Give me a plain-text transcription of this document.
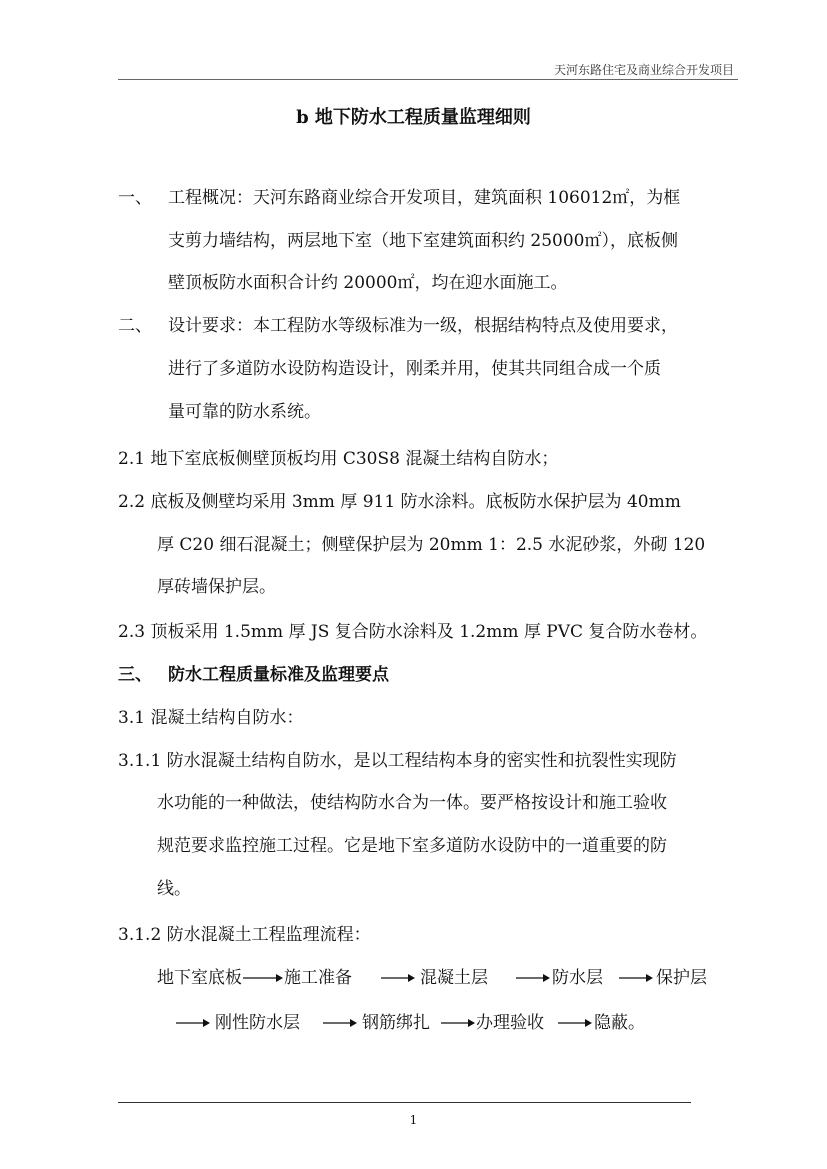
天河东路住宅及商业综合开发项目
b 地下防水工程质量监理细则
一、 工程概况：天河东路商业综合开发项目，建筑面积 106012㎡，为框
支剪力墙结构，两层地下室（地下室建筑面积约 25000㎡），底板侧
壁顶板防水面积合计约 20000㎡，均在迎水面施工。
二、 设计要求：本工程防水等级标准为一级，根据结构特点及使用要求，
进行了多道防水设防构造设计，刚柔并用，使其共同组合成一个质
量可靠的防水系统。
2.1 地下室底板侧壁顶板均用 C30S8 混凝土结构自防水；
2.2 底板及侧壁均采用 3mm 厚 911 防水涂料。底板防水保护层为 40mm
厚 C20 细石混凝土；侧壁保护层为 20mm 1：2.5 水泥砂浆，外砌 120
厚砖墙保护层。
2.3 顶板采用 1.5mm 厚 JS 复合防水涂料及 1.2mm 厚 PVC 复合防水卷材。
三、 防水工程质量标准及监理要点
3.1 混凝土结构自防水：
3.1.1 防水混凝土结构自防水，是以工程结构本身的密实性和抗裂性实现防
水功能的一种做法，使结构防水合为一体。要严格按设计和施工验收
规范要求监控施工过程。它是地下室多道防水设防中的一道重要的防
线。
3.1.2 防水混凝土工程监理流程：
地下室底板 施工准备	混凝土层	防水层	保护层
刚性防水层	钢筋绑扎	办理验收	隐蔽。
1
